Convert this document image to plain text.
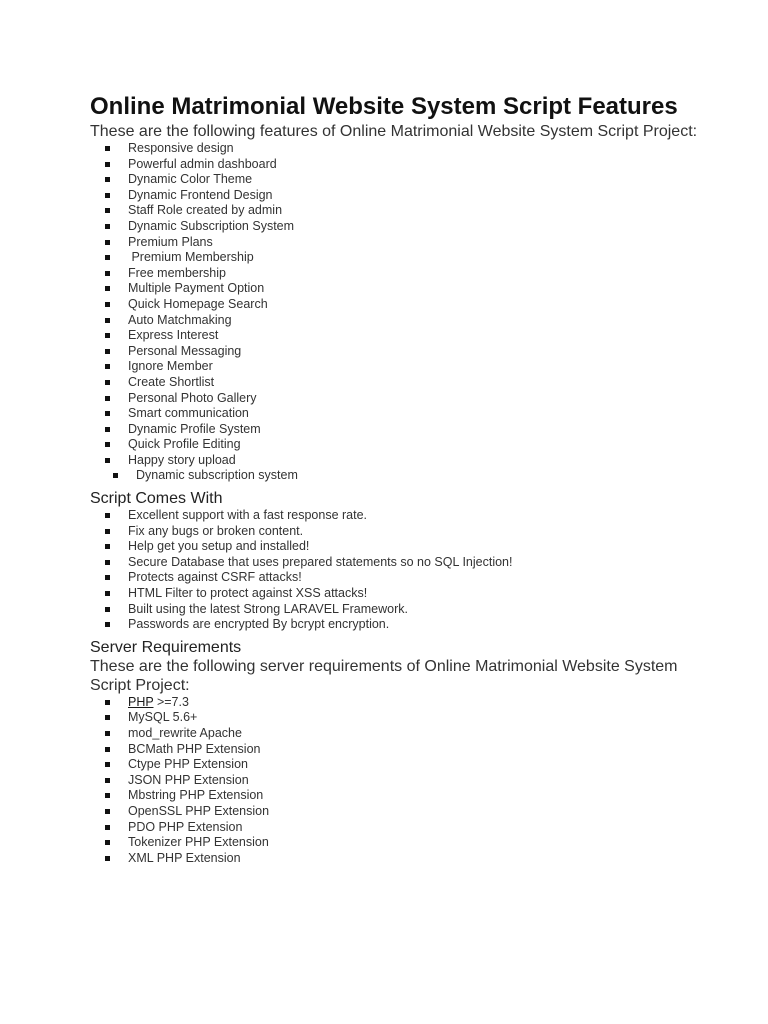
Online Matrimonial Website System Script Features

These are the following features of Online Matrimonial Website System Script Project:

Responsive design
Powerful admin dashboard
Dynamic Color Theme
Dynamic Frontend Design
Staff Role created by admin
Dynamic Subscription System
Premium Plans
Premium Membership
Free membership
Multiple Payment Option
Quick Homepage Search
Auto Matchmaking
Express Interest
Personal Messaging
Ignore Member
Create Shortlist
Personal Photo Gallery
Smart communication
Dynamic Profile System
Quick Profile Editing
Happy story upload
Dynamic subscription system
Script Comes With
Excellent support with a fast response rate.
Fix any bugs or broken content.
Help get you setup and installed!
Secure Database that uses prepared statements so no SQL Injection!
Protects against CSRF attacks!
HTML Filter to protect against XSS attacks!
Built using the latest Strong LARAVEL Framework.
Passwords are encrypted By bcrypt encryption.
Server Requirements

These are the following server requirements of Online Matrimonial Website System Script Project:

PHP >=7.3
MySQL 5.6+
mod_rewrite Apache
BCMath PHP Extension
Ctype PHP Extension
JSON PHP Extension
Mbstring PHP Extension
OpenSSL PHP Extension
PDO PHP Extension
Tokenizer PHP Extension
XML PHP Extension
